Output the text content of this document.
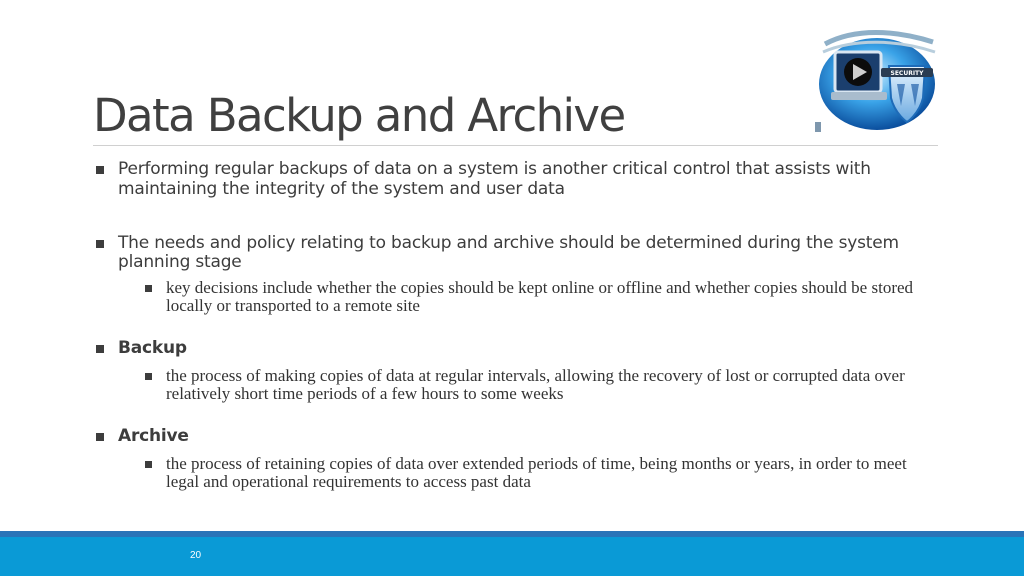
Data Backup and Archive
SECURITY
Performing regular backups of data on a system is another critical control that assists with maintaining the integrity of the system and user data
The needs and policy relating to backup and archive should be determined during the system planning stage
key decisions include whether the copies should be kept online or offline and whether copies should be stored locally or transported to a remote site
Backup
the process of making copies of data at regular intervals, allowing the recovery of lost or corrupted data over relatively short time periods of a few hours to some weeks
Archive
the process of retaining copies of data over extended periods of time, being months or years, in order to meet legal and operational requirements to access past data
20
